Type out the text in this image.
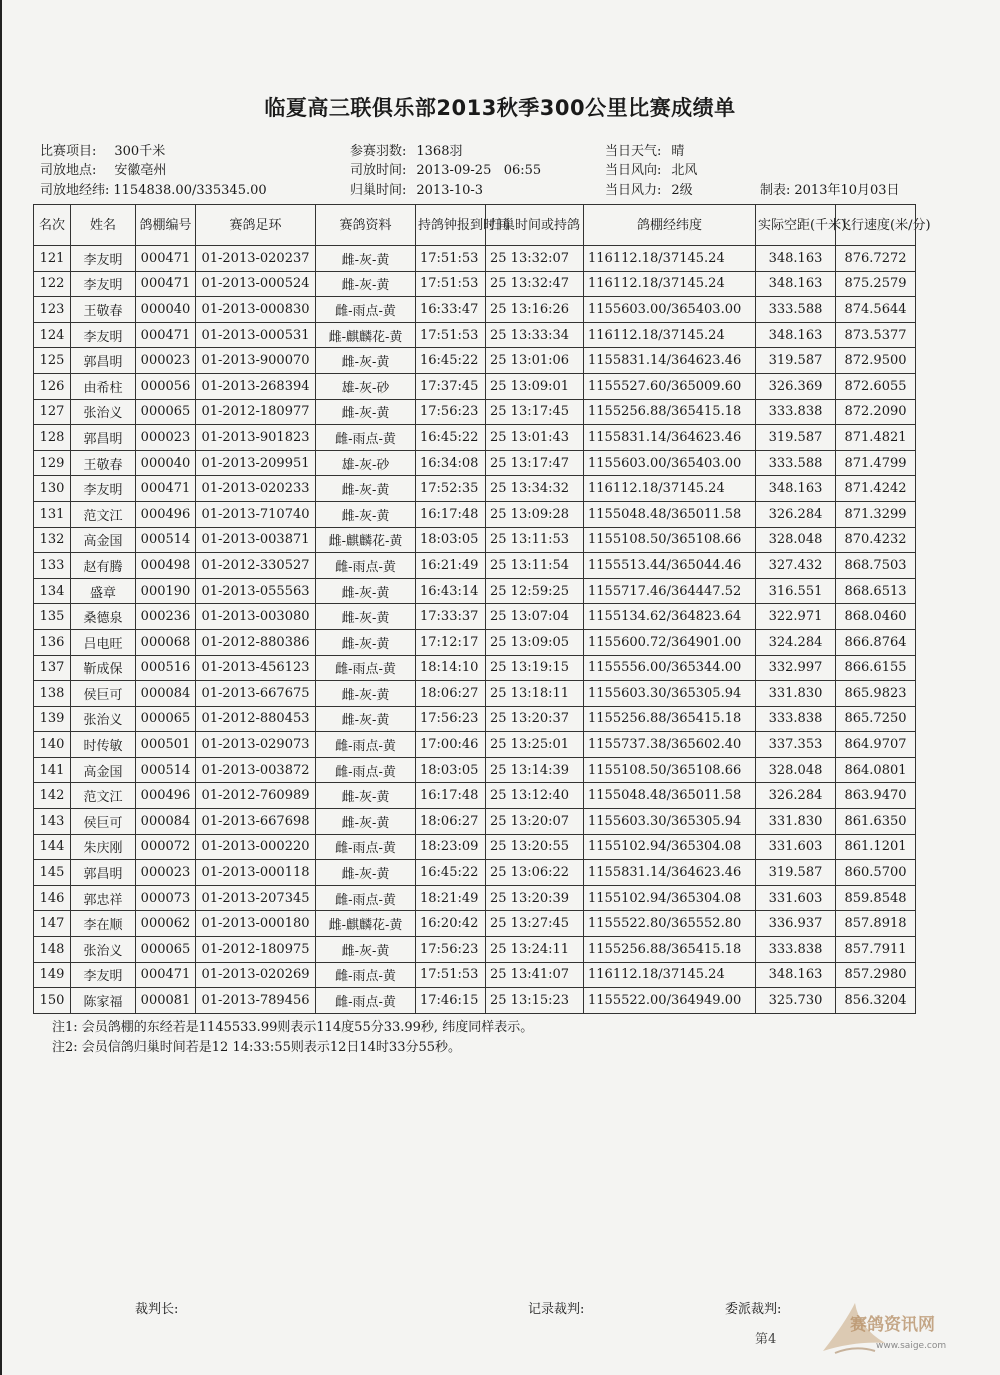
临夏高三联俱乐部2013秋季300公里比赛成绩单
比赛项目: 300千米
司放地点: 安徽亳州
司放地经纬: 1154838.00/335345.00
参赛羽数: 1368羽
司放时间: 2013-09-25   06:55
归巢时间: 2013-10-3
当日天气: 晴
当日风向: 北风
当日风力: 2级	制表: 2013年10月03日
名次	姓名	鸽棚编号	赛鸽足环	赛鸽资料	持鸽钟报到时间	归巢时间或持鸽	鸽棚经纬度	实际空距(千米)	飞行速度(米/分)
121	李友明	000471	01-2013-020237	雌-灰-黄	17:51:53	25 13:32:07	116112.18/37145.24	348.163	876.7272
122	李友明	000471	01-2013-000524	雌-灰-黄	17:51:53	25 13:32:47	116112.18/37145.24	348.163	875.2579
123	王敬春	000040	01-2013-000830	雌-雨点-黄	16:33:47	25 13:16:26	1155603.00/365403.00	333.588	874.5644
124	李友明	000471	01-2013-000531	雌-麒麟花-黄	17:51:53	25 13:33:34	116112.18/37145.24	348.163	873.5377
125	郭昌明	000023	01-2013-900070	雌-灰-黄	16:45:22	25 13:01:06	1155831.14/364623.46	319.587	872.9500
126	由希柱	000056	01-2013-268394	雄-灰-砂	17:37:45	25 13:09:01	1155527.60/365009.60	326.369	872.6055
127	张治义	000065	01-2012-180977	雌-灰-黄	17:56:23	25 13:17:45	1155256.88/365415.18	333.838	872.2090
128	郭昌明	000023	01-2013-901823	雌-雨点-黄	16:45:22	25 13:01:43	1155831.14/364623.46	319.587	871.4821
129	王敬春	000040	01-2013-209951	雄-灰-砂	16:34:08	25 13:17:47	1155603.00/365403.00	333.588	871.4799
130	李友明	000471	01-2013-020233	雌-灰-黄	17:52:35	25 13:34:32	116112.18/37145.24	348.163	871.4242
131	范文江	000496	01-2013-710740	雌-灰-黄	16:17:48	25 13:09:28	1155048.48/365011.58	326.284	871.3299
132	高金国	000514	01-2013-003871	雌-麒麟花-黄	18:03:05	25 13:11:53	1155108.50/365108.66	328.048	870.4232
133	赵有腾	000498	01-2012-330527	雌-雨点-黄	16:21:49	25 13:11:54	1155513.44/365044.46	327.432	868.7503
134	盛章	000190	01-2013-055563	雌-灰-黄	16:43:14	25 12:59:25	1155717.46/364447.52	316.551	868.6513
135	桑德泉	000236	01-2013-003080	雌-灰-黄	17:33:37	25 13:07:04	1155134.62/364823.64	322.971	868.0460
136	吕电旺	000068	01-2012-880386	雌-灰-黄	17:12:17	25 13:09:05	1155600.72/364901.00	324.284	866.8764
137	靳成保	000516	01-2013-456123	雌-雨点-黄	18:14:10	25 13:19:15	1155556.00/365344.00	332.997	866.6155
138	侯巨可	000084	01-2013-667675	雌-灰-黄	18:06:27	25 13:18:11	1155603.30/365305.94	331.830	865.9823
139	张治义	000065	01-2012-880453	雌-灰-黄	17:56:23	25 13:20:37	1155256.88/365415.18	333.838	865.7250
140	时传敏	000501	01-2013-029073	雌-雨点-黄	17:00:46	25 13:25:01	1155737.38/365602.40	337.353	864.9707
141	高金国	000514	01-2013-003872	雌-雨点-黄	18:03:05	25 13:14:39	1155108.50/365108.66	328.048	864.0801
142	范文江	000496	01-2012-760989	雌-灰-黄	16:17:48	25 13:12:40	1155048.48/365011.58	326.284	863.9470
143	侯巨可	000084	01-2013-667698	雌-灰-黄	18:06:27	25 13:20:07	1155603.30/365305.94	331.830	861.6350
144	朱庆刚	000072	01-2013-000220	雌-雨点-黄	18:23:09	25 13:20:55	1155102.94/365304.08	331.603	861.1201
145	郭昌明	000023	01-2013-000118	雌-灰-黄	16:45:22	25 13:06:22	1155831.14/364623.46	319.587	860.5700
146	郭忠祥	000073	01-2013-207345	雌-雨点-黄	18:21:49	25 13:20:39	1155102.94/365304.08	331.603	859.8548
147	李在顺	000062	01-2013-000180	雌-麒麟花-黄	16:20:42	25 13:27:45	1155522.80/365552.80	336.937	857.8918
148	张治义	000065	01-2012-180975	雌-灰-黄	17:56:23	25 13:24:11	1155256.88/365415.18	333.838	857.7911
149	李友明	000471	01-2013-020269	雌-雨点-黄	17:51:53	25 13:41:07	116112.18/37145.24	348.163	857.2980
150	陈家福	000081	01-2013-789456	雌-雨点-黄	17:46:15	25 13:15:23	1155522.00/364949.00	325.730	856.3204
注1: 会员鸽棚的东经若是1145533.99则表示114度55分33.99秒, 纬度同样表示。
注2: 会员信鸽归巢时间若是12 14:33:55则表示12日14时33分55秒。
裁判长:	记录裁判:	委派裁判:
第4
赛鸽资讯网
www.saige.com
